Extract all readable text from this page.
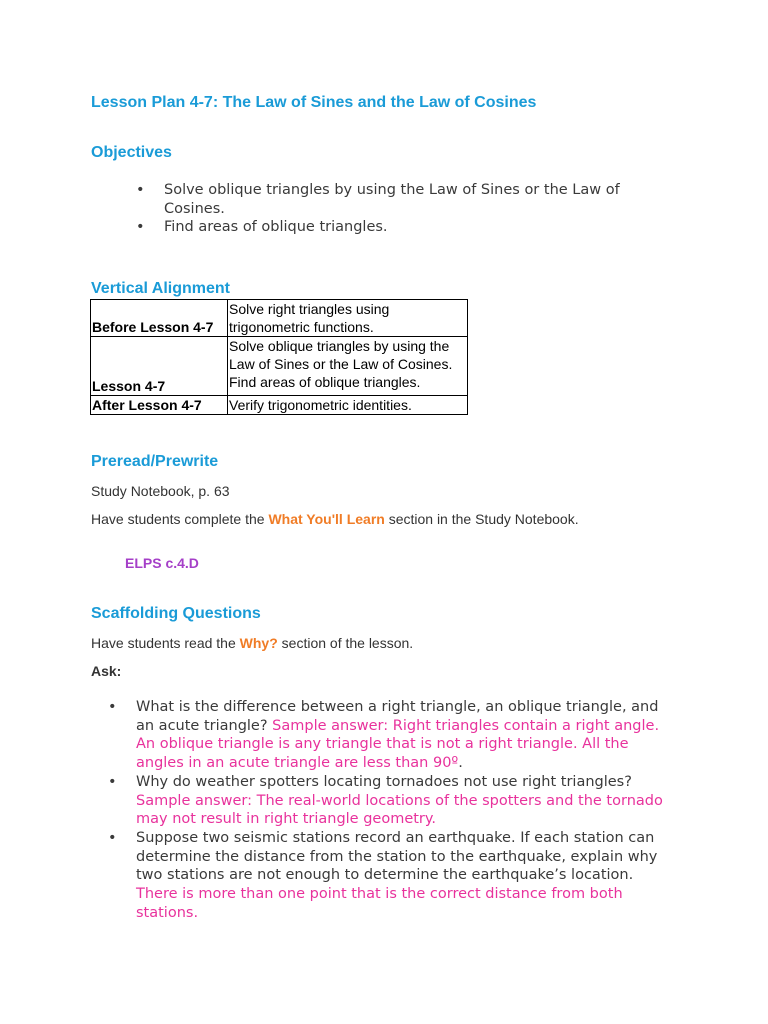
Lesson Plan 4-7: The Law of Sines and the Law of Cosines
Objectives
• Solve oblique triangles by using the Law of Sines or the Law of Cosines.
• Find areas of oblique triangles.
Vertical Alignment
Before Lesson 4-7	Solve right triangles using trigonometric functions.
Lesson 4-7	Solve oblique triangles by using the Law of Sines or the Law of Cosines.
Find areas of oblique triangles.

After Lesson 4-7	Verify trigonometric identities.
Preread/Prewrite
Study Notebook, p. 63
Have students complete the What You'll Learn section in the Study Notebook.
ELPS c.4.D
Scaffolding Questions
Have students read the Why? section of the lesson.
Ask:
• What is the difference between a right triangle, an oblique triangle, and an acute triangle? Sample answer: Right triangles contain a right angle. An oblique triangle is any triangle that is not a right triangle. All the angles in an acute triangle are less than 90º.
• Why do weather spotters locating tornadoes not use right triangles? Sample answer: The real-world locations of the spotters and the tornado may not result in right triangle geometry.
• Suppose two seismic stations record an earthquake. If each station can determine the distance from the station to the earthquake, explain why two stations are not enough to determine the earthquake’s location. There is more than one point that is the correct distance from both stations.
